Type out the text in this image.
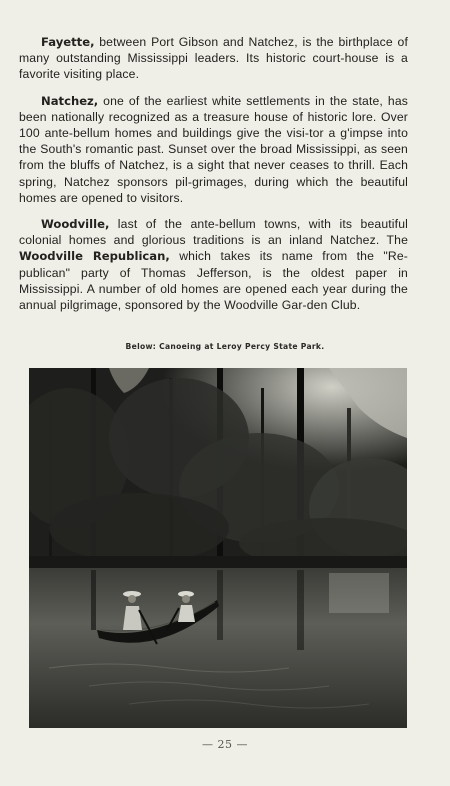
Fayette, between Port Gibson and Natchez, is the birthplace of many outstanding Mississippi leaders. Its historic court-house is a favorite visiting place.

Natchez, one of the earliest white settlements in the state, has been nationally recognized as a treasure house of historic lore. Over 100 ante-bellum homes and buildings give the visi-tor a g'impse into the South's romantic past. Sunset over the broad Mississippi, as seen from the bluffs of Natchez, is a sight that never ceases to thrill. Each spring, Natchez sponsors pil-grimages, during which the beautiful homes are opened to visitors.

Woodville, last of the ante-bellum towns, with its beautiful colonial homes and glorious traditions is an inland Natchez. The Woodville Republican, which takes its name from the "Re-publican" party of Thomas Jefferson, is the oldest paper in Mississippi. A number of old homes are opened each year during the annual pilgrimage, sponsored by the Woodville Gar-den Club.

Below: Canoeing at Leroy Percy State Park.
— 25 —
